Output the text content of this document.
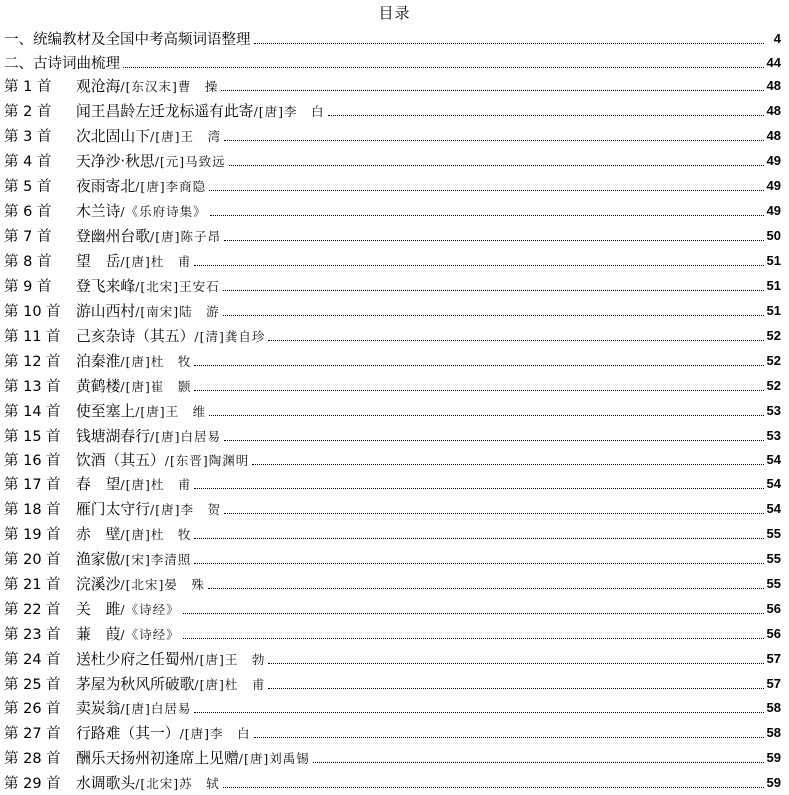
目录
一、统编教材及全国中考高频词语整理	4
二、古诗词曲梳理	44
第 1 首	观沧海/[东汉末]曹　操	48
第 2 首	闻王昌龄左迁龙标遥有此寄/[唐]李　白	48
第 3 首	次北固山下/[唐]王　湾	48
第 4 首	天净沙·秋思/[元]马致远	49
第 5 首	夜雨寄北/[唐]李商隐	49
第 6 首	木兰诗/《乐府诗集》	49
第 7 首	登幽州台歌/[唐]陈子昂	50
第 8 首	望　岳/[唐]杜　甫	51
第 9 首	登飞来峰/[北宋]王安石	51
第 10 首	游山西村/[南宋]陆　游	51
第 11 首	己亥杂诗（其五）/[清]龚自珍	52
第 12 首	泊秦淮/[唐]杜　牧	52
第 13 首	黄鹤楼/[唐]崔　颢	52
第 14 首	使至塞上/[唐]王　维	53
第 15 首	钱塘湖春行/[唐]白居易	53
第 16 首	饮酒（其五）/[东晋]陶渊明	54
第 17 首	春　望/[唐]杜　甫	54
第 18 首	雁门太守行/[唐]李　贺	54
第 19 首	赤　壁/[唐]杜　牧	55
第 20 首	渔家傲/[宋]李清照	55
第 21 首	浣溪沙/[北宋]晏　殊	55
第 22 首	关　雎/《诗经》	56
第 23 首	蒹　葭/《诗经》	56
第 24 首	送杜少府之任蜀州/[唐]王　勃	57
第 25 首	茅屋为秋风所破歌/[唐]杜　甫	57
第 26 首	卖炭翁/[唐]白居易	58
第 27 首	行路难（其一）/[唐]李　白	58
第 28 首	酬乐天扬州初逢席上见赠/[唐]刘禹锡	59
第 29 首	水调歌头/[北宋]苏　轼	59
